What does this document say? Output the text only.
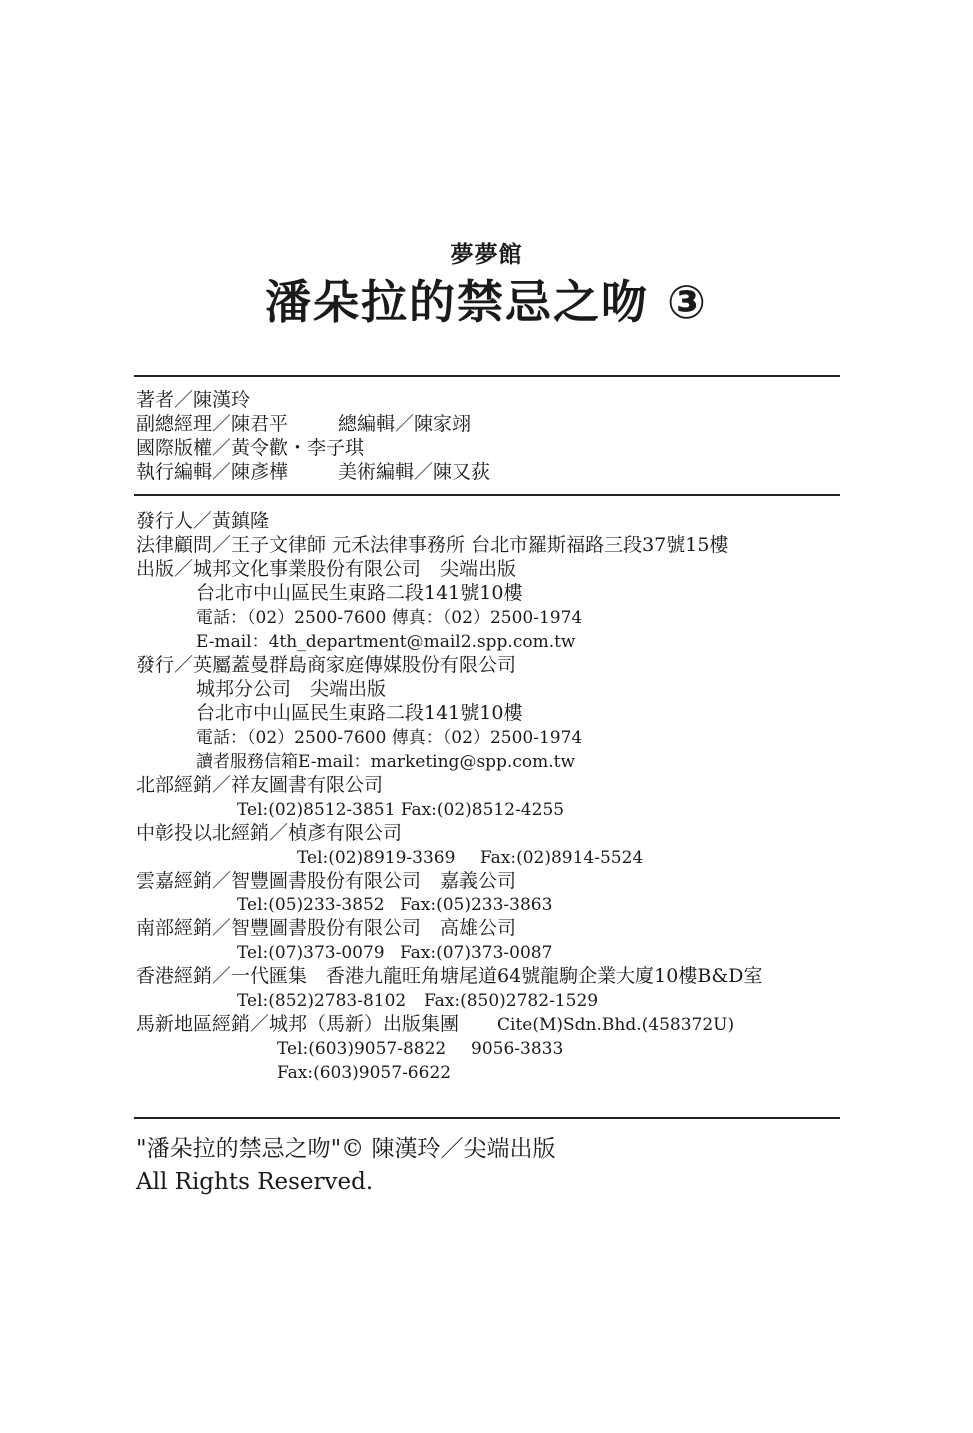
夢夢館
潘朵拉的禁忌之吻 ③
著者／陳漢玲
副總經理／陳君平	總編輯／陳家翊
國際版權／黃令歡・李子琪
執行編輯／陳彥樺	美術編輯／陳又荻
發行人／黃鎮隆
法律顧問／王子文律師 元禾法律事務所 台北市羅斯福路三段37號15樓
出版／城邦文化事業股份有限公司　尖端出版
台北市中山區民生東路二段141號10樓
電話：（02）2500-7600 傳真：（02）2500-1974
E-mail：4th_department@mail2.spp.com.tw
發行／英屬蓋曼群島商家庭傳媒股份有限公司
城邦分公司　尖端出版
台北市中山區民生東路二段141號10樓
電話：（02）2500-7600 傳真：（02）2500-1974
讀者服務信箱E-mail：marketing@spp.com.tw
北部經銷／祥友圖書有限公司
Tel:(02)8512-3851 Fax:(02)8512-4255
中彰投以北經銷／楨彥有限公司
Tel:(02)8919-3369 Fax:(02)8914-5524
雲嘉經銷／智豐圖書股份有限公司　嘉義公司
Tel:(05)233-3852 Fax:(05)233-3863
南部經銷／智豐圖書股份有限公司　高雄公司
Tel:(07)373-0079 Fax:(07)373-0087
香港經銷／一代匯集　香港九龍旺角塘尾道64號龍駒企業大廈10樓B&D室
Tel:(852)2783-8102 Fax:(850)2782-1529
馬新地區經銷／城邦（馬新）出版集團 Cite(M)Sdn.Bhd.(458372U)
Tel:(603)9057-8822 9056-3833
Fax:(603)9057-6622
"潘朵拉的禁忌之吻"© 陳漢玲／尖端出版
All Rights Reserved.
